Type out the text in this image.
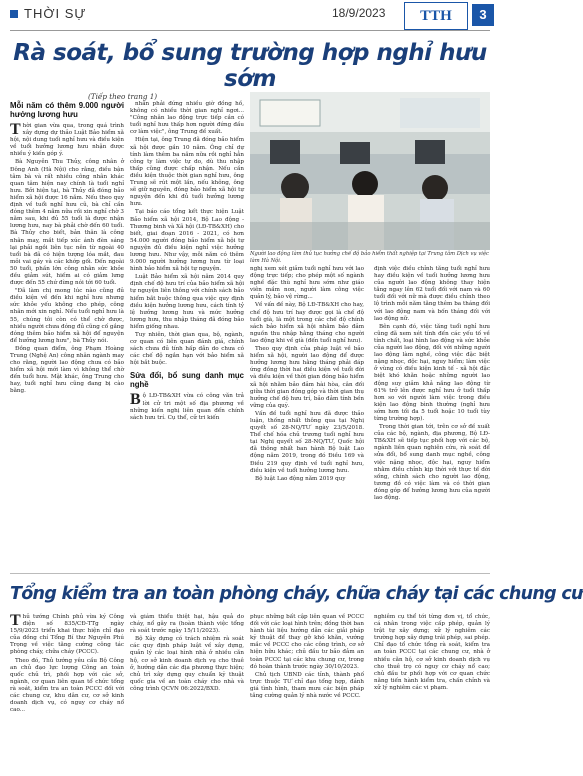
THỜI SỰ	18/9/2023	TTH	3
Rà soát, bổ sung trường hợp nghỉ hưu sớm
(Tiếp theo trang 1)
Mỗi năm có thêm 9.000 người hưởng lương hưu

Thời gian vừa qua, trong quá trình xây dựng dự thảo Luật Bảo hiểm xã hội, nội dung tuổi nghỉ hưu và điều kiện về tuổi hưởng lương hưu nhận được nhiều ý kiến góp ý.

Bà Nguyễn Thu Thủy, công nhân ở Đông Anh (Hà Nội) cho rằng, điều bận tâm bà và rất nhiều công nhân khác quan tâm hiện nay chính là tuổi nghỉ hưu. Bởi hiện tại, bà Thủy đã đóng bảo hiểm xã hội được 16 năm. Nếu theo quy định về tuổi nghỉ hưu cũ, bà chỉ cần đóng thêm 4 năm nữa rồi xin nghỉ chờ 3 năm sau, khi đủ 55 tuổi là được nhận lương hưu, nay bà phải chờ đến 60 tuổi. Bà Thủy cho biết, bản thân là công nhân may, mắt tiếp xúc ánh đèn sáng lại phải ngồi liên tục nên từ ngoài 40 tuổi bà đã có hiện tượng lóa mắt, đau mỏi vai gáy và các khớp gối. Đến ngoài 50 tuổi, phần lớn công nhân sức khỏe đều giảm sút, hiếm ai có giảm lưng được đến 55 chứ đừng nói tới 60 tuổi.

"Đã làm chị mong lúc nào cũng đủ điều kiện về đến khi nghỉ hưu nhưng sức khỏe yếu không cho phép, công nhân mới xin nghỉ. Nếu tuổi nghỉ hưu là 55, chúng tôi còn có thể chờ được, nhiều người chưa đóng đủ cũng cố gắng đóng thêm bảo hiểm xã hội để nguyện để hưởng lương hưu", bà Thủy nói.

Đồng quan điểm, ông Phạm Hoàng Trung (Nghệ An) công nhân ngành may cho rằng, người lao động chưa có bảo hiểm xã hội mới làm vì không thể chờ đến tuổi hưu. Mặt khác, ông Trung cho hay, tuổi nghỉ hưu cũng đang bị cào bằng.

nhân phải đứng nhiều giờ đồng hồ, không có nhiều thời gian nghỉ ngơi... "Công nhân lao động trực tiếp cần có tuổi nghỉ hưu thấp hơn người đứng đầu cơ làm việc", ông Trung đề xuất.

Hiện tại, ông Trung đã đóng bảo hiểm xã hội được gần 10 năm. Ông chỉ dự tính làm thêm ba năm nữa rồi nghỉ hẳn công ty làm việc tự do, dù thu nhập thấp cũng được chấp nhận. Nếu cần điều kiện thuộc thời gian nghỉ hưu, ông Trung sẽ rút một lần, nếu không, ông sẽ giữ nguyên, đóng bảo hiểm xã hội tự nguyện đến khi đủ tuổi hưởng lương hưu.

Tại báo cáo tổng kết thực hiện Luật Bảo hiểm xã hội 2014, Bộ Lao động - Thương binh và Xã hội (LĐ-TB&XH) cho biết, giai đoạn 2016 - 2021, có hơn 54.000 người đóng bảo hiểm xã hội tự nguyện đủ điều kiện nghỉ việc hưởng lương hưu. Như vậy, mỗi năm có thêm 9.000 người hưởng lương hưu từ loại hình bảo hiểm xã hội tự nguyện.

Luật Bảo hiểm xã hội năm 2014 quy định chế độ hưu trí của bảo hiểm xã hội tự nguyện liên thông với chính sách bảo hiểm bắt buộc thông qua việc quy định điều kiện hưởng lương hưu, cách tính tỷ lệ hưởng lương hưu và mức hưởng lương hưu, thu nhập tháng đã đóng bảo hiểm giống nhau.

Tuy nhiên, thời gian qua, bộ, ngành, cơ quan có liên quan đánh giá, chính sách chưa đủ tính hấp dẫn do chưa có các chế độ ngắn hạn với bảo hiểm xã hội bắt buộc.

Sửa đổi, bổ sung danh mục nghề

Bộ LĐ-TB&XH vừa có công văn trả lời cử tri một số địa phương về những kiến nghị liên quan đến chính sách hưu trí. Cụ thể, cử tri kiến

Người lao động làm thủ tục hưởng chế độ bảo hiểm thất nghiệp tại Trung tâm Dịch vụ việc làm Hà Nội.

nghị xem xét giảm tuổi nghỉ hưu với lao động trực tiếp; cho phép một số ngành nghề đặc thù nghỉ hưu sớm như giáo viên mầm non, người làm công việc quản lý, bảo vệ rừng...

Về vấn đề này, Bộ LĐ-TB&XH cho hay, chế độ hưu trí hay được gọi là chế độ tuổi già, là một trong các chế độ chính sách bảo hiểm xã hội nhằm bảo đảm nguồn thu nhập hằng tháng cho người lao động khi về già (đến tuổi nghỉ hưu).

Theo quy định của pháp luật về bảo hiểm xã hội, người lao động để được hưởng lương hưu hằng tháng phải đáp ứng đồng thời hai điều kiện về tuổi đời và điều kiện về thời gian đóng bảo hiểm xã hội nhằm bảo đảm hài hòa, cân đối giữa thời gian đóng góp và thời gian thụ hưởng chế độ hưu trí, bảo đảm tính bền vững của quỹ.

Vấn đề tuổi nghỉ hưu đã được thảo luận, thống nhất thông qua tại Nghị quyết số 28-NQ/TƯ ngày 23/5/2018. Thể chế hóa chủ trương tuổi nghỉ hưu tại Nghị quyết số 28-NQ/TƯ, Quốc hội đã thông nhất ban hành Bộ luật Lao động năm 2019, trong đó Điều 169 và Điều 219 quy định về tuổi nghỉ hưu, điều kiện về tuổi hưởng lương hưu.

Bộ luật Lao động năm 2019 quy

định việc điều chỉnh tăng tuổi nghỉ hưu hay điều kiện về tuổi hưởng lương hưu của người lao động không thay hiện tăng ngay lên 62 tuổi đối với nam và 60 tuổi đối với nữ mà được điều chỉnh theo lộ trình mỗi năm tăng thêm ba tháng đối với lao động nam và bốn tháng đối với lao động nữ.

Bên cạnh đó, việc tăng tuổi nghỉ hưu cũng đã xem xét tính đến các yếu tố về tính chất, loại hình lao động và sức khỏe của người lao động, đối với những người lao động làm nghề, công việc đặc biệt nặng nhọc, độc hại, nguy hiểm; làm việc ở vùng có điều kiện kinh tế - xã hội đặc biệt khó khăn hoặc những người lao động suy giảm khả năng lao động từ 61% trở lên được nghỉ hưu ở tuổi thấp hơn so với người làm việc trong điều kiện lao động bình thường (nghỉ hưu sớm hơn tối đa 5 tuổi hoặc 10 tuổi tùy từng trường hợp).

Trong thời gian tới, trên cơ sở đề xuất của các bộ, ngành, địa phương, Bộ LĐ-TB&XH sẽ tiếp tục phối hợp với các bộ, ngành liên quan nghiên cứu, rà soát để sửa đổi, bổ sung danh mục nghề, công việc nặng nhọc, độc hại, nguy hiểm nhằm điều chỉnh kịp thời với thực tế đời sống, chính sách cho người lao động, tương đồ có việc làm và có thời gian đóng góp để hưởng lương hưu của người lao động.

Tổng kiểm tra an toàn phòng cháy, chữa cháy tại các chung cư

Thủ tướng Chính phủ vừa ký Công điện số 835/CĐ-TTg ngày 15/9/2023 triển khai thực hiện chỉ đạo của đồng chí Tổng Bí thư Nguyễn Phú Trọng về việc tăng cường công tác phòng cháy, chữa cháy (PCCC).

Theo đó, Thủ tướng yêu cầu Bộ Công an chủ đạo lực lượng Công an toàn quốc chủ trì, phối hợp với các sở, ngành, cơ quan liên quan tổ chức tổng rà soát, kiểm tra an toàn PCCC đối với các chung cư, khu dân cư, cơ sở kinh doanh dịch vụ, có nguy cơ cháy nổ cao...

và giám thiểu thiệt hại, hậu quả do cháy, nổ gây ra (hoàn thành việc tổng rà soát trước ngày 15/11/2023).

Bộ Xây dựng có trách nhiệm rà soát các quy định pháp luật về xây dựng, quản lý các loại hình nhà ở nhiều căn hộ, cơ sở kinh doanh dịch vụ cho thuê ở, hướng dẫn các địa phương thực hiện; chủ trì xây dựng quy chuẩn kỹ thuật quốc gia về an toàn cháy cho nhà và công trình QCVN 06:2022/BXD.

phục những bất cập liên quan về PCCC đối với các loại hình trên; đồng thời ban hành tài liệu hướng dẫn các giải pháp kỹ thuật để thay gỡ khó khăn, vướng mắc về PCCC cho các công trình, cơ sở hiện hữu khác; chủ đầu tư bảo đảm an toàn PCCC tại các khu chung cư, trong đó hoàn thành trước ngày 30/10/2023.

Chủ tịch UBND các tỉnh, thành phố trực thuộc TƯ chỉ đạo tổng hợp, đánh giá tình hình, tham mưu các biện pháp tăng cường quản lý nhà nước về PCCC.

nghiêm cụ thể tới từng đơn vị, tổ chức, cá nhân trong việc cấp phép, quản lý trật tự xây dựng; xử lý nghiêm các trường hợp xây dựng trái phép, sai phép. Chỉ đạo tổ chức tổng rà soát, kiểm tra an toàn PCCC tại các chung cư, nhà ở nhiều căn hộ, cơ sở kinh doanh dịch vụ cho thuê trọ có nguy cơ cháy nổ cao; chủ đầu tư phối hợp với cơ quan chức năng tiến hành kiểm tra, chấn chỉnh và xử lý nghiêm các vi phạm.
